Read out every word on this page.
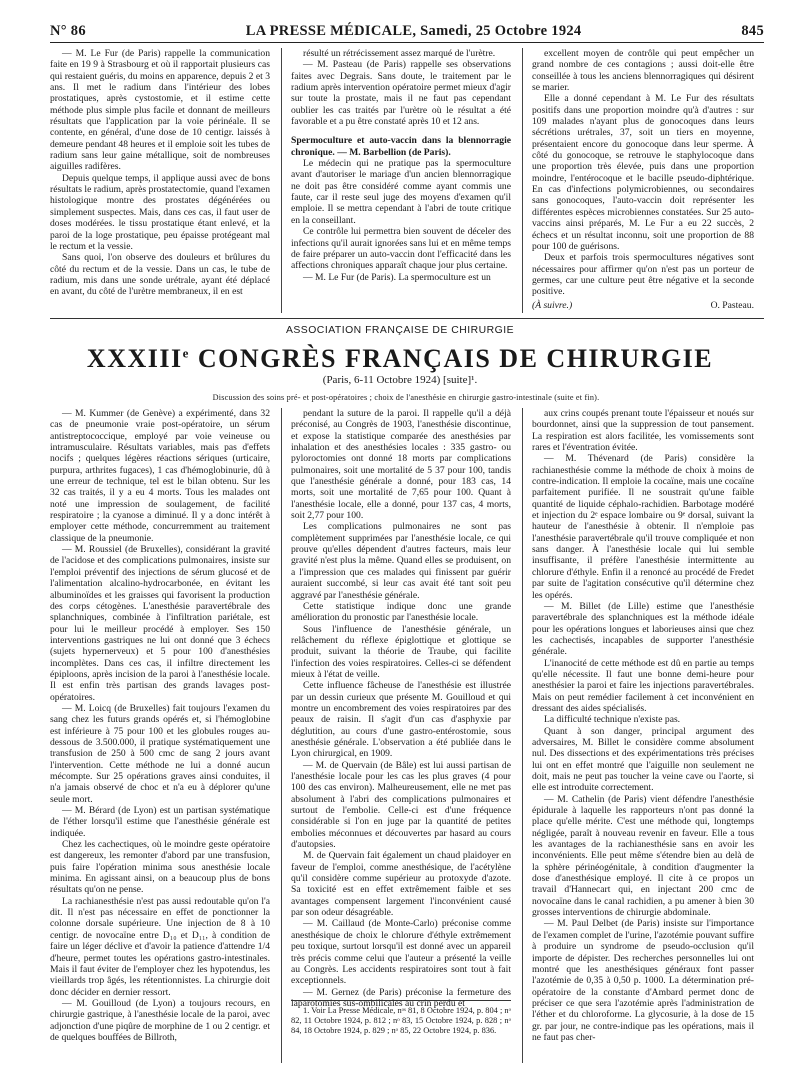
N° 86	LA PRESSE MÉDICALE, Samedi, 25 Octobre 1924	845

— M. Le Fur (de Paris) rappelle la communication faite en 19 9 à Strasbourg et où il rapportait plusieurs cas qui restaient guéris, du moins en apparence, depuis 2 et 3 ans. Il met le radium dans l'intérieur des lobes prostatiques, après cystostomie, et il estime cette méthode plus simple plus facile et donnant de meilleurs résultats que l'application par la voie périnéale. Il se contente, en général, d'une dose de 10 centigr. laissés à demeure pendant 48 heures et il emploie soit les tubes de radium sans leur gaine métallique, soit de nombreuses aiguilles radifères.

Depuis quelque temps, il applique aussi avec de bons résultats le radium, après prostatectomie, quand l'examen histologique montre des prostates dégénérées ou simplement suspectes. Mais, dans ces cas, il faut user de doses modérées. le tissu prostatique étant enlevé, et la paroi de la loge prostatique, peu épaisse protégeant mal le rectum et la vessie.

Sans quoi, l'on observe des douleurs et brûlures du côté du rectum et de la vessie. Dans un cas, le tube de radium, mis dans une sonde urétrale, ayant été déplacé en avant, du côté de l'urètre membraneux, il en est

résulté un rétrécissement assez marqué de l'urètre.

— M. Pasteau (de Paris) rappelle ses observations faites avec Degrais. Sans doute, le traitement par le radium après intervention opératoire permet mieux d'agir sur toute la prostate, mais il ne faut pas cependant oublier les cas traités par l'urètre où le résultat a été favorable et a pu être constaté après 10 et 12 ans.

Spermoculture et auto-vaccin dans la blennorragie chronique. — M. Barbellion (de Paris).

Le médecin qui ne pratique pas la spermoculture avant d'autoriser le mariage d'un ancien blennorragique ne doit pas être considéré comme ayant commis une faute, car il reste seul juge des moyens d'examen qu'il emploie. Il se mettra cependant à l'abri de toute critique en la conseillant.

Ce contrôle lui permettra bien souvent de déceler des infections qu'il aurait ignorées sans lui et en même temps de faire préparer un auto-vaccin dont l'efficacité dans les affections chroniques apparaît chaque jour plus certaine.

— M. Le Fur (de Paris). La spermoculture est un

excellent moyen de contrôle qui peut empêcher un grand nombre de ces contagions ; aussi doit-elle être conseillée à tous les anciens blennorragiques qui désirent se marier.

Elle a donné cependant à M. Le Fur des résultats positifs dans une proportion moindre qu'à d'autres : sur 109 malades n'ayant plus de gonocoques dans leurs sécrétions urétrales, 37, soit un tiers en moyenne, présentaient encore du gonocoque dans leur sperme. À côté du gonocoque, se retrouve le staphylocoque dans une proportion très élevée, puis dans une proportion moindre, l'entérocoque et le bacille pseudo-diphtérique. En cas d'infections polymicrobiennes, ou secondaires sans gonocoques, l'auto-vaccin doit représenter les différentes espèces microbiennes constatées. Sur 25 auto-vaccins ainsi préparés, M. Le Fur a eu 22 succès, 2 échecs et un résultat inconnu, soit une proportion de 88 pour 100 de guérisons.

Deux et parfois trois spermocultures négatives sont nécessaires pour affirmer qu'on n'est pas un porteur de germes, car une culture peut être négative et la seconde positive.

(À suivre.)	O. Pasteau.
ASSOCIATION FRANÇAISE DE CHIRURGIE
XXXIIIe CONGRÈS FRANÇAIS DE CHIRURGIE
(Paris, 6-11 Octobre 1924) [suite]¹.
Discussion des soins pré- et post-opératoires ; choix de l'anesthésie en chirurgie gastro-intestinale (suite et fin).

— M. Kummer (de Genève) a expérimenté, dans 32 cas de pneumonie vraie post-opératoire, un sérum antistreptococcique, employé par voie veineuse ou intramusculaire. Résultats variables, mais pas d'effets nocifs ; quelques légères réactions sériques (urticaire, purpura, arthrites fugaces), 1 cas d'hémoglobinurie, dû à une erreur de technique, tel est le bilan obtenu. Sur les 32 cas traités, il y a eu 4 morts. Tous les malades ont noté une impression de soulagement, de facilité respiratoire ; la cyanose a diminué. Il y a donc intérêt à employer cette méthode, concurremment au traitement classique de la pneumonie.

— M. Roussiel (de Bruxelles), considérant la gravité de l'acidose et des complications pulmonaires, insiste sur l'emploi préventif des injections de sérum glucosé et de l'alimentation alcalino-hydrocarbonée, en évitant les albuminoïdes et les graisses qui favorisent la production des corps cétogènes. L'anesthésie paravertébrale des splanchniques, combinée à l'infiltration pariétale, est pour lui le meilleur procédé à employer. Ses 150 interventions gastriques ne lui ont donné que 3 échecs (sujets hypernerveux) et 5 pour 100 d'anesthésies incomplètes. Dans ces cas, il infiltre directement les épiploons, après incision de la paroi à l'anesthésie locale. Il est enfin très partisan des grands lavages post-opératoires.

— M. Loicq (de Bruxelles) fait toujours l'examen du sang chez les futurs grands opérés et, si l'hémoglobine est inférieure à 75 pour 100 et les globules rouges au-dessous de 3.500.000, il pratique systématiquement une transfusion de 250 à 500 cmc de sang 2 jours avant l'intervention. Cette méthode ne lui a donné aucun mécompte. Sur 25 opérations graves ainsi conduites, il n'a jamais observé de choc et n'a eu à déplorer qu'une seule mort.

— M. Bérard (de Lyon) est un partisan systématique de l'éther lorsqu'il estime que l'anesthésie générale est indiquée.

Chez les cachectiques, où le moindre geste opératoire est dangereux, les remonter d'abord par une transfusion, puis faire l'opération minima sous anesthésie locale minima. En agissant ainsi, on a beaucoup plus de bons résultats qu'on ne pense.

La rachianesthésie n'est pas aussi redoutable qu'on l'a dit. Il n'est pas nécessaire en effet de ponctionner la colonne dorsale supérieure. Une injection de 8 à 10 centigr. de novocaïne entre D₁₀ et D₁₁, à condition de faire un léger déclive et d'avoir la patience d'attendre 1/4 d'heure, permet toutes les opérations gastro-intestinales. Mais il faut éviter de l'employer chez les hypotendus, les vieillards trop âgés, les rétentionnistes. La chirurgie doit donc décider en dernier ressort.

— M. Gouilloud (de Lyon) a toujours recours, en chirurgie gastrique, à l'anesthésie locale de la paroi, avec adjonction d'une piqûre de morphine de 1 ou 2 centigr. et de quelques bouffées de Billroth,

pendant la suture de la paroi. Il rappelle qu'il a déjà préconisé, au Congrès de 1903, l'anesthésie discontinue, et expose la statistique comparée des anesthésies par inhalation et des anesthésies locales : 335 gastro- ou pyloroctomies ont donné 18 morts par complications pulmonaires, soit une mortalité de 5 37 pour 100, tandis que l'anesthésie générale a donné, pour 183 cas, 14 morts, soit une mortalité de 7,65 pour 100. Quant à l'anesthésie locale, elle a donné, pour 137 cas, 4 morts, soit 2,77 pour 100.

Les complications pulmonaires ne sont pas complètement supprimées par l'anesthésie locale, ce qui prouve qu'elles dépendent d'autres facteurs, mais leur gravité n'est plus la même. Quand elles se produisent, on a l'impression que ces malades qui finissent par guérir auraient succombé, si leur cas avait été tant soit peu aggravé par l'anesthésie générale.

Cette statistique indique donc une grande amélioration du pronostic par l'anesthésie locale.

Sous l'influence de l'anesthésie générale, un relâchement du réflexe épiglottique et glottique se produit, suivant la théorie de Traube, qui facilite l'infection des voies respiratoires. Celles-ci se défendent mieux à l'état de veille.

Cette influence fâcheuse de l'anesthésie est illustrée par un dessin curieux que présente M. Gouilloud et qui montre un encombrement des voies respiratoires par des peaux de raisin. Il s'agit d'un cas d'asphyxie par déglutition, au cours d'une gastro-entérostomie, sous anesthésie générale. L'observation a été publiée dans le Lyon chirurgical, en 1909.

— M. de Quervain (de Bâle) est lui aussi partisan de l'anesthésie locale pour les cas les plus graves (4 pour 100 des cas environ). Malheureusement, elle ne met pas absolument à l'abri des complications pulmonaires et surtout de l'embolie. Celle-ci est d'une fréquence considérable si l'on en juge par la quantité de petites embolies méconnues et découvertes par hasard au cours d'autopsies.

M. de Quervain fait également un chaud plaidoyer en faveur de l'emploi, comme anesthésique, de l'acétylène qu'il considère comme supérieur au protoxyde d'azote. Sa toxicité est en effet extrêmement faible et ses avantages compensent largement l'inconvénient causé par son odeur désagréable.

— M. Caillaud (de Monte-Carlo) préconise comme anesthésique de choix le chlorure d'éthyle extrêmement peu toxique, surtout lorsqu'il est donné avec un appareil très précis comme celui que l'auteur a présenté la veille au Congrès. Les accidents respiratoires sont tout à fait exceptionnels.

— M. Gernez (de Paris) préconise la fermeture des laparotomies sus-ombilicales au crin perdu et

1. Voir La Presse Médicale, nᵒˢ 81, 8 Octobre 1924, p. 804 ; nᵒ 82, 11 Octobre 1924, p. 812 ; nᵒ 83, 15 Octobre 1924, p. 828 ; nᵒ 84, 18 Octobre 1924, p. 829 ; nᵒ 85, 22 Octobre 1924, p. 836.

aux crins coupés prenant toute l'épaisseur et noués sur bourdonnet, ainsi que la suppression de tout pansement. La respiration est alors facilitée, les vomissements sont rares et l'éventration évitée.

— M. Thévenard (de Paris) considère la rachianesthésie comme la méthode de choix à moins de contre-indication. Il emploie la cocaïne, mais une cocaïne parfaitement purifiée. Il ne soustrait qu'une faible quantité de liquide céphalo-rachidien. Barbotage modéré et injection du 2ᵉ espace lombaire ou 9ᵉ dorsal, suivant la hauteur de l'anesthésie à obtenir. Il n'emploie pas l'anesthésie paravertébrale qu'il trouve compliquée et non sans danger. À l'anesthésie locale qui lui semble insuffisante, il préfère l'anesthésie intermittente au chlorure d'éthyle. Enfin il a renoncé au procédé de Fredet par suite de l'agitation consécutive qu'il détermine chez les opérés.

— M. Billet (de Lille) estime que l'anesthésie paravertébrale des splanchniques est la méthode idéale pour les opérations longues et laborieuses ainsi que chez les cachectisés, incapables de supporter l'anesthésie générale.

L'inanocité de cette méthode est dû en partie au temps qu'elle nécessite. Il faut une bonne demi-heure pour anesthésier la paroi et faire les injections paravertébrales. Mais on peut remédier facilement à cet inconvénient en dressant des aides spécialisés.

La difficulté technique n'existe pas.

Quant à son danger, principal argument des adversaires, M. Billet le considère comme absolument nul. Des dissections et des expérimentations très précises lui ont en effet montré que l'aiguille non seulement ne doit, mais ne peut pas toucher la veine cave ou l'aorte, si elle est introduite correctement.

— M. Cathelin (de Paris) vient défendre l'anesthésie épidurale à laquelle les rapporteurs n'ont pas donné la place qu'elle mérite. C'est une méthode qui, longtemps négligée, paraît à nouveau revenir en faveur. Elle a tous les avantages de la rachianesthésie sans en avoir les inconvénients. Elle peut même s'étendre bien au delà de la sphère périnéogénitale, à condition d'augmenter la dose d'anesthésique employé. Il cite à ce propos un travail d'Hannecart qui, en injectant 200 cmc de novocaïne dans le canal rachidien, a pu amener à bien 30 grosses interventions de chirurgie abdominale.

— M. Paul Delbet (de Paris) insiste sur l'importance de l'examen complet de l'urine, l'azotémie pouvant suffire à produire un syndrome de pseudo-occlusion qu'il importe de dépister. Des recherches personnelles lui ont montré que les anesthésiques généraux font passer l'azotémie de 0,35 à 0,50 p. 1000. La détermination pré-opératoire de la constante d'Ambard permet donc de préciser ce que sera l'azotémie après l'administration de l'éther et du chloroforme. La glycosurie, à la dose de 15 gr. par jour, ne contre-indique pas les opérations, mais il ne faut pas cher-
